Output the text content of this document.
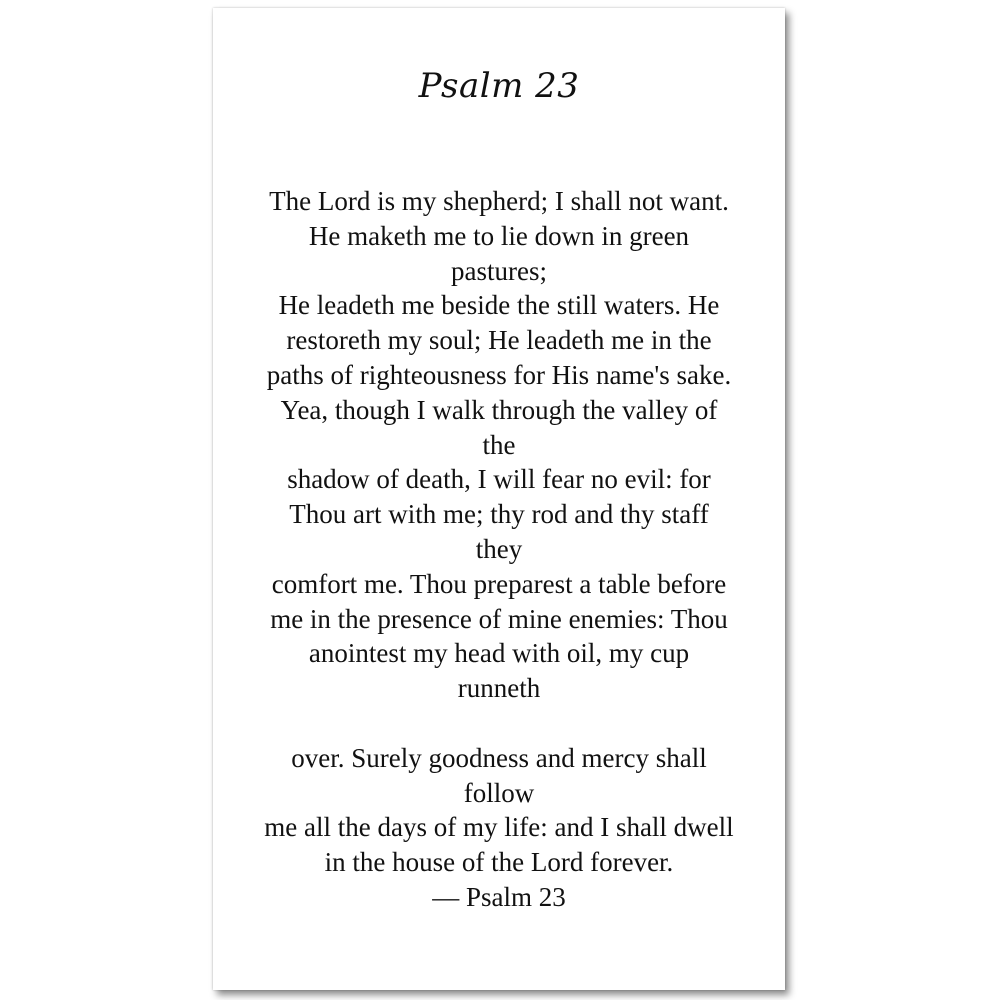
Psalm 23
The Lord is my shepherd; I shall not want.
He maketh me to lie down in green
pastures;
He leadeth me beside the still waters. He
restoreth my soul; He leadeth me in the
paths of righteousness for His name's sake.
Yea, though I walk through the valley of
the
shadow of death, I will fear no evil: for
Thou art with me; thy rod and thy staff
they
comfort me. Thou preparest a table before
me in the presence of mine enemies: Thou
anointest my head with oil, my cup
runneth
over. Surely goodness and mercy shall
follow
me all the days of my life: and I shall dwell
in the house of the Lord forever.
— Psalm 23
